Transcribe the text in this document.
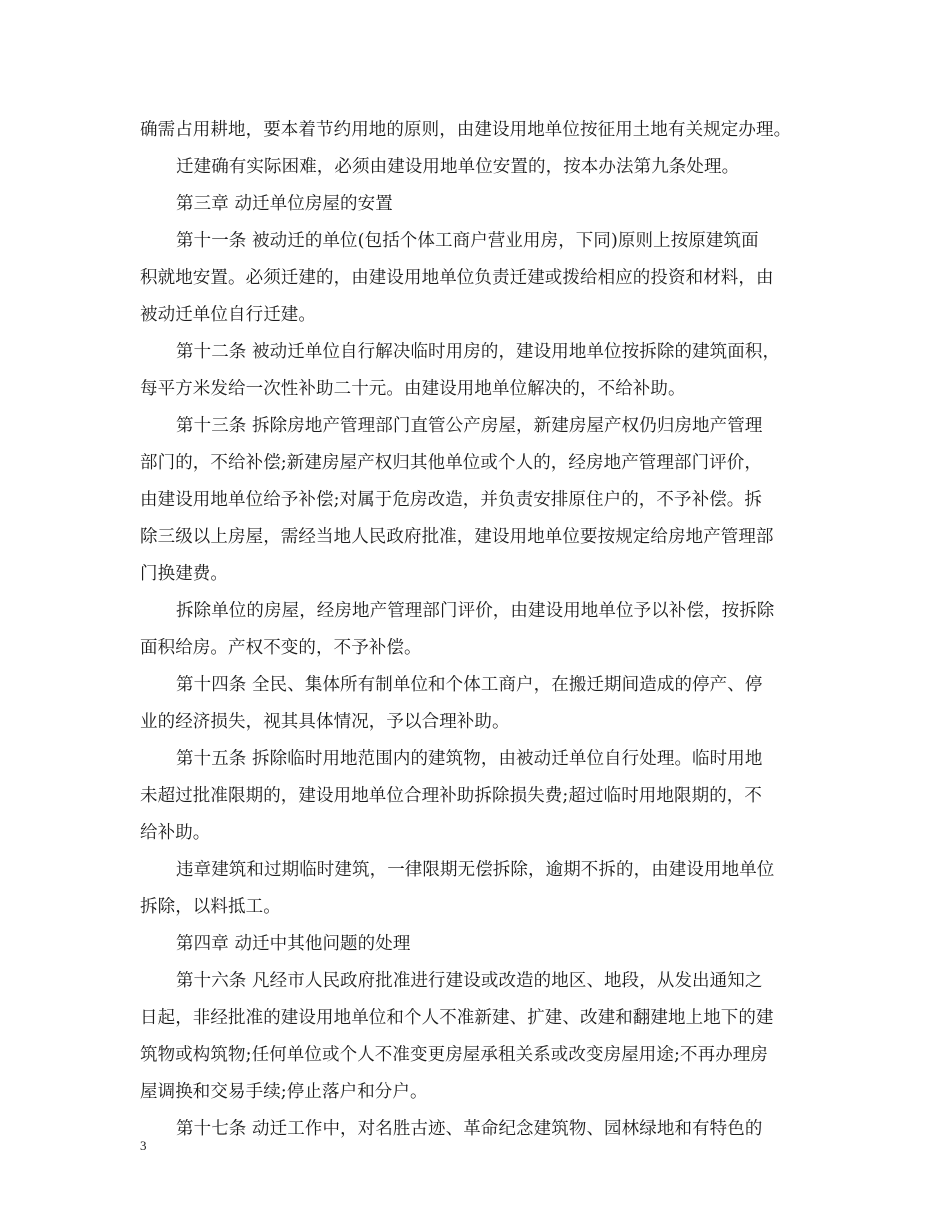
确需占用耕地，要本着节约用地的原则，由建设用地单位按征用土地有关规定办理。
迁建确有实际困难，必须由建设用地单位安置的，按本办法第九条处理。
第三章 动迁单位房屋的安置
第十一条 被动迁的单位(包括个体工商户营业用房，下同)原则上按原建筑面
积就地安置。必须迁建的，由建设用地单位负责迁建或拨给相应的投资和材料，由
被动迁单位自行迁建。
第十二条 被动迁单位自行解决临时用房的，建设用地单位按拆除的建筑面积，
每平方米发给一次性补助二十元。由建设用地单位解决的，不给补助。
第十三条 拆除房地产管理部门直管公产房屋，新建房屋产权仍归房地产管理
部门的，不给补偿;新建房屋产权归其他单位或个人的，经房地产管理部门评价，
由建设用地单位给予补偿;对属于危房改造，并负责安排原住户的，不予补偿。拆
除三级以上房屋，需经当地人民政府批准，建设用地单位要按规定给房地产管理部
门换建费。
拆除单位的房屋，经房地产管理部门评价，由建设用地单位予以补偿，按拆除
面积给房。产权不变的，不予补偿。
第十四条 全民、集体所有制单位和个体工商户，在搬迁期间造成的停产、停
业的经济损失，视其具体情况，予以合理补助。
第十五条 拆除临时用地范围内的建筑物，由被动迁单位自行处理。临时用地
未超过批准限期的，建设用地单位合理补助拆除损失费;超过临时用地限期的，不
给补助。
违章建筑和过期临时建筑，一律限期无偿拆除，逾期不拆的，由建设用地单位
拆除，以料抵工。
第四章 动迁中其他问题的处理
第十六条 凡经市人民政府批准进行建设或改造的地区、地段，从发出通知之
日起，非经批准的建设用地单位和个人不准新建、扩建、改建和翻建地上地下的建
筑物或构筑物;任何单位或个人不准变更房屋承租关系或改变房屋用途;不再办理房
屋调换和交易手续;停止落户和分户。
第十七条 动迁工作中，对名胜古迹、革命纪念建筑物、园林绿地和有特色的
3
